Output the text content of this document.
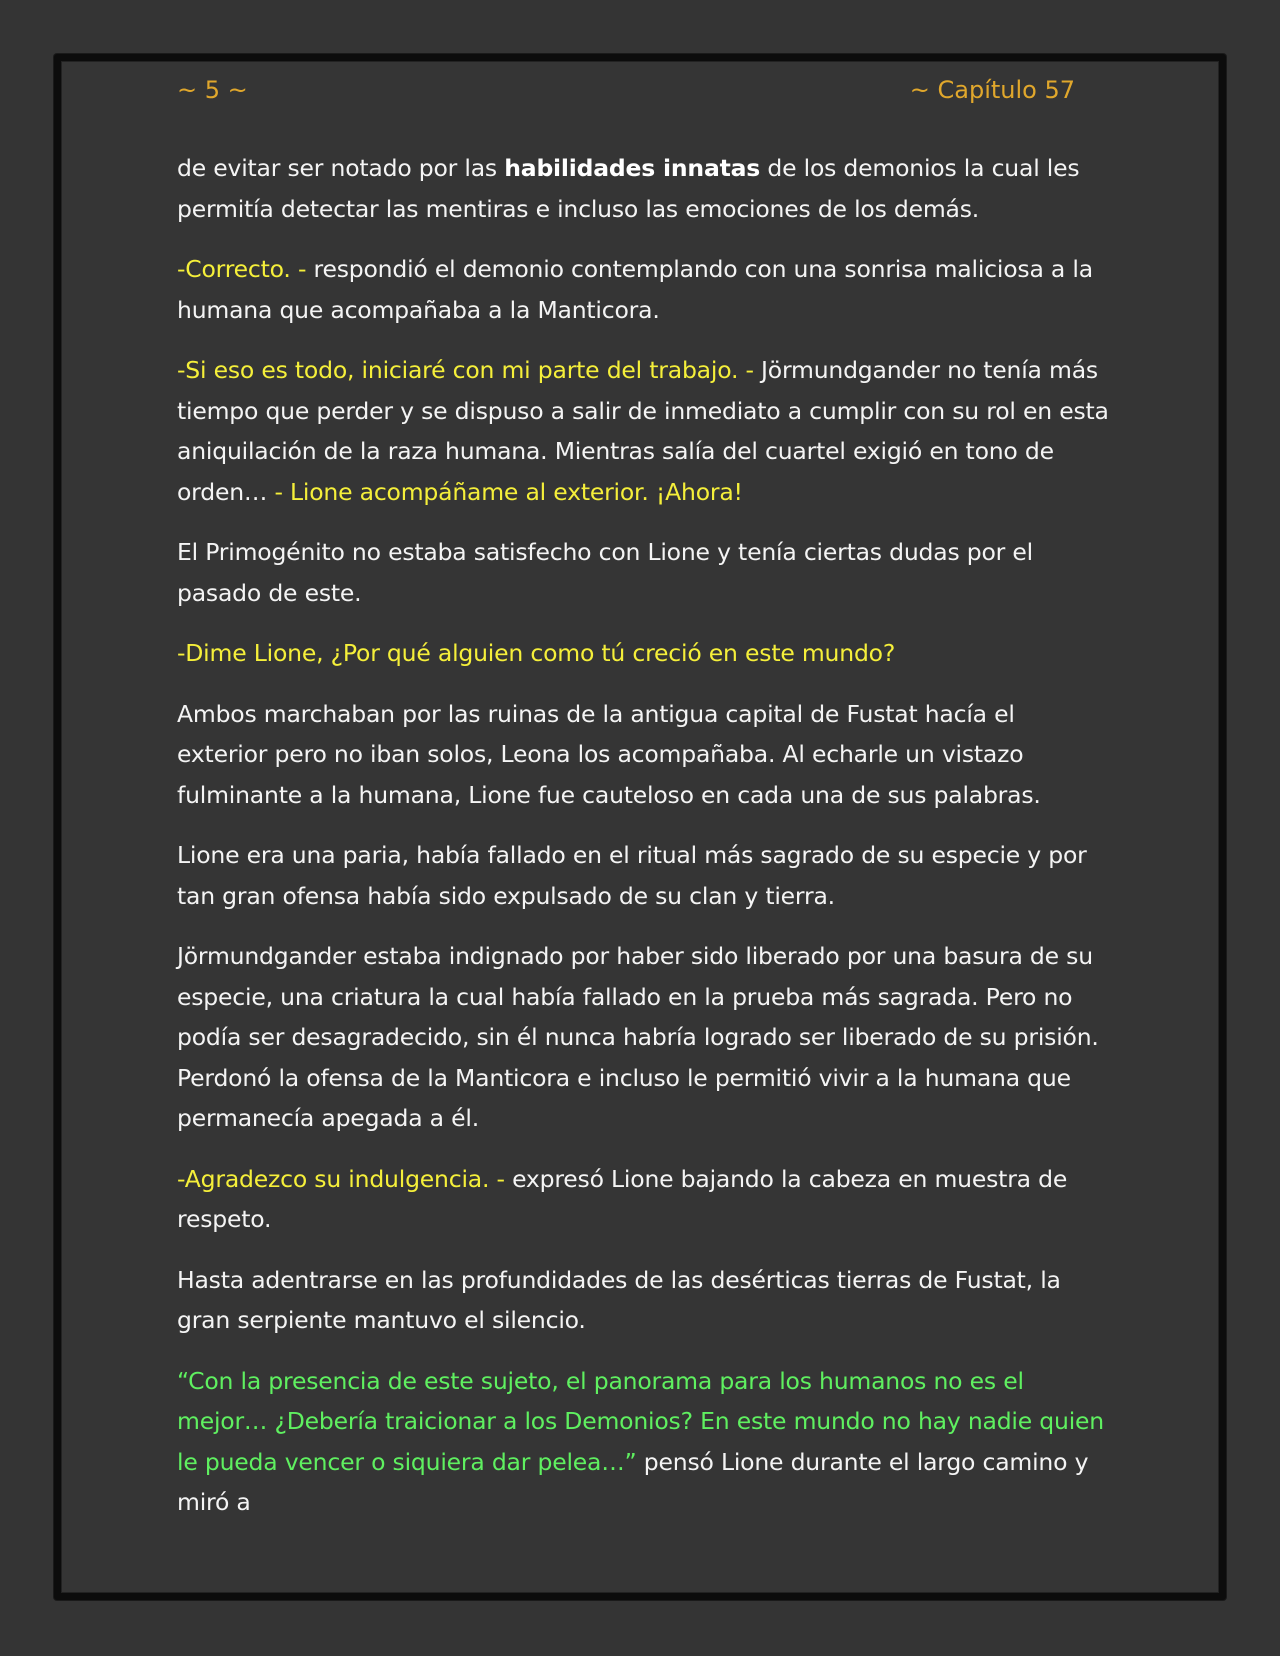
~ 5 ~	~ Capítulo 57

de evitar ser notado por las habilidades innatas de los demonios la cual les permitía detectar las mentiras e incluso las emociones de los demás.

-Correcto. - respondió el demonio contemplando con una sonrisa maliciosa a la humana que acompañaba a la Manticora.

-Si eso es todo, iniciaré con mi parte del trabajo. - Jörmundgander no tenía más tiempo que perder y se dispuso a salir de inmediato a cumplir con su rol en esta aniquilación de la raza humana. Mientras salía del cuartel exigió en tono de orden… - Lione acompáñame al exterior. ¡Ahora!

El Primogénito no estaba satisfecho con Lione y tenía ciertas dudas por el pasado de este.

-Dime Lione, ¿Por qué alguien como tú creció en este mundo?

Ambos marchaban por las ruinas de la antigua capital de Fustat hacía el exterior pero no iban solos, Leona los acompañaba. Al echarle un vistazo fulminante a la humana, Lione fue cauteloso en cada una de sus palabras.

Lione era una paria, había fallado en el ritual más sagrado de su especie y por tan gran ofensa había sido expulsado de su clan y tierra.

Jörmundgander estaba indignado por haber sido liberado por una basura de su especie, una criatura la cual había fallado en la prueba más sagrada. Pero no podía ser desagradecido, sin él nunca habría logrado ser liberado de su prisión. Perdonó la ofensa de la Manticora e incluso le permitió vivir a la humana que permanecía apegada a él.

-Agradezco su indulgencia. - expresó Lione bajando la cabeza en muestra de respeto.

Hasta adentrarse en las profundidades de las desérticas tierras de Fustat, la gran serpiente mantuvo el silencio.

“Con la presencia de este sujeto, el panorama para los humanos no es el mejor… ¿Debería traicionar a los Demonios? En este mundo no hay nadie quien le pueda vencer o siquiera dar pelea…” pensó Lione durante el largo camino y miró a
